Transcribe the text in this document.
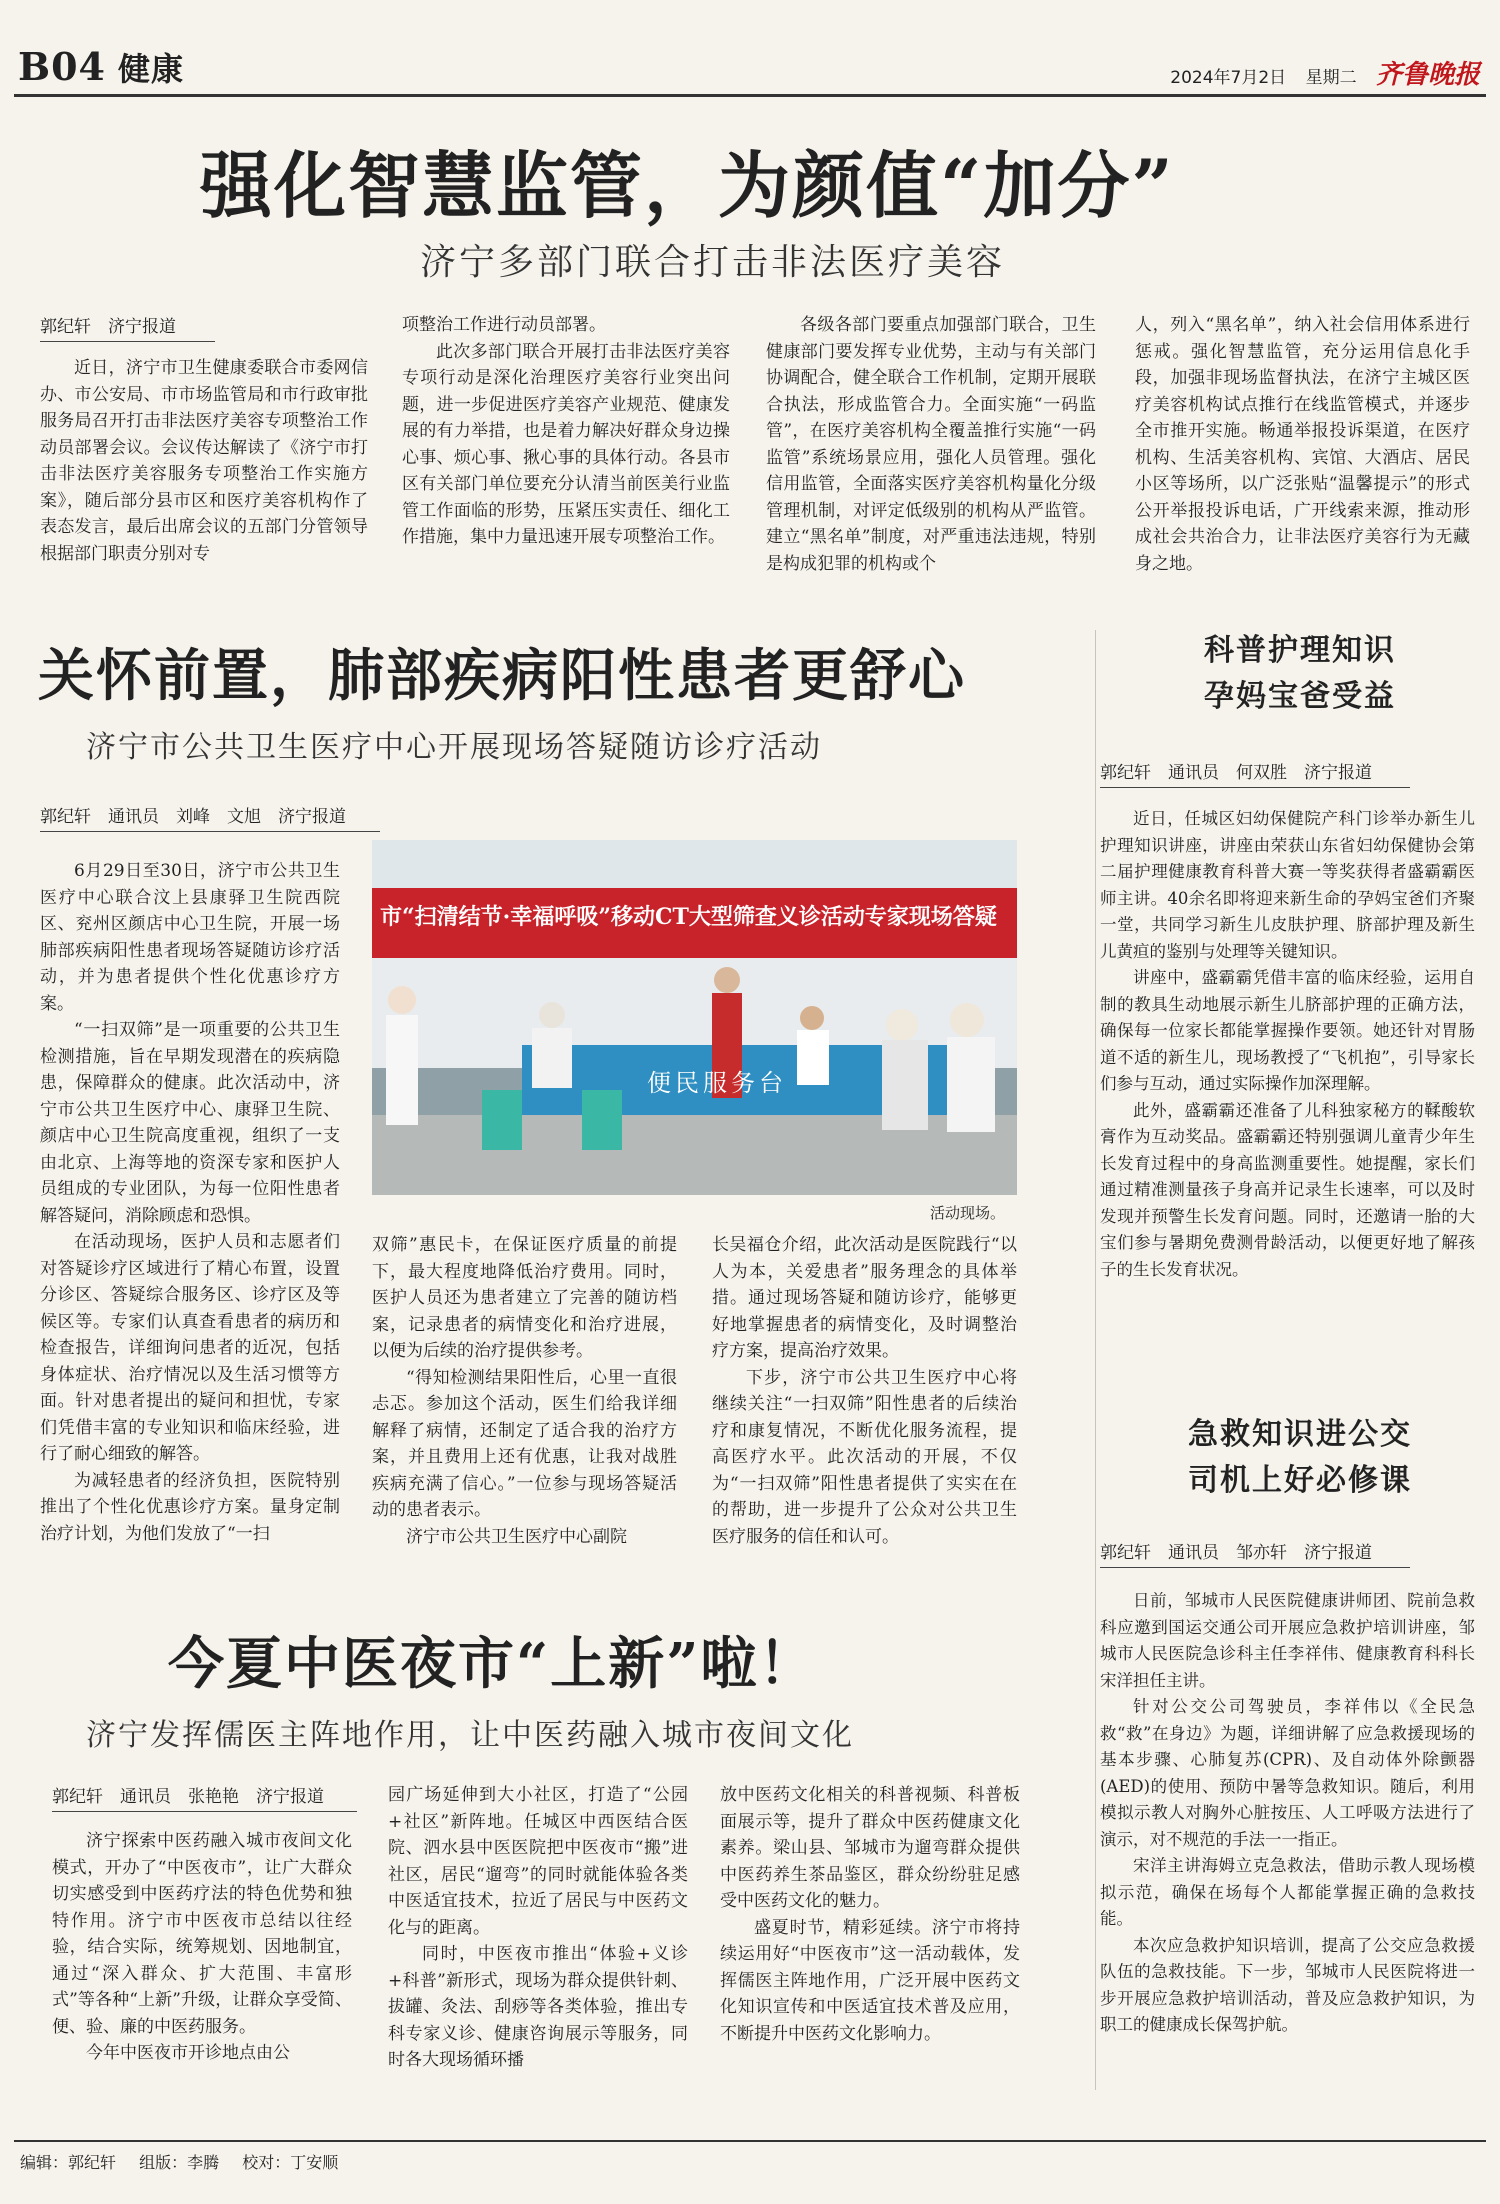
B04 健康	2024年7月2日 星期二 齐鲁晚报
强化智慧监管，为颜值“加分”
济宁多部门联合打击非法医疗美容
郭纪轩　济宁报道

近日，济宁市卫生健康委联合市委网信办、市公安局、市市场监管局和市行政审批服务局召开打击非法医疗美容专项整治工作动员部署会议。会议传达解读了《济宁市打击非法医疗美容服务专项整治工作实施方案》，随后部分县市区和医疗美容机构作了表态发言，最后出席会议的五部门分管领导根据部门职责分别对专

项整治工作进行动员部署。

此次多部门联合开展打击非法医疗美容专项行动是深化治理医疗美容行业突出问题，进一步促进医疗美容产业规范、健康发展的有力举措，也是着力解决好群众身边操心事、烦心事、揪心事的具体行动。各县市区有关部门单位要充分认清当前医美行业监管工作面临的形势，压紧压实责任、细化工作措施，集中力量迅速开展专项整治工作。

各级各部门要重点加强部门联合，卫生健康部门要发挥专业优势，主动与有关部门协调配合，健全联合工作机制，定期开展联合执法，形成监管合力。全面实施“一码监管”，在医疗美容机构全覆盖推行实施“一码监管”系统场景应用，强化人员管理。强化信用监管，全面落实医疗美容机构量化分级管理机制，对评定低级别的机构从严监管。建立“黑名单”制度，对严重违法违规，特别是构成犯罪的机构或个

人，列入“黑名单”，纳入社会信用体系进行惩戒。强化智慧监管，充分运用信息化手段，加强非现场监督执法，在济宁主城区医疗美容机构试点推行在线监管模式，并逐步全市推开实施。畅通举报投诉渠道，在医疗机构、生活美容机构、宾馆、大酒店、居民小区等场所，以广泛张贴“温馨提示”的形式公开举报投诉电话，广开线索来源，推动形成社会共治合力，让非法医疗美容行为无藏身之地。

关怀前置，肺部疾病阳性患者更舒心
济宁市公共卫生医疗中心开展现场答疑随访诊疗活动
郭纪轩　通讯员　刘峰　文旭　济宁报道

6月29日至30日，济宁市公共卫生医疗中心联合汶上县康驿卫生院西院区、兖州区颜店中心卫生院，开展一场肺部疾病阳性患者现场答疑随访诊疗活动，并为患者提供个性化优惠诊疗方案。

“一扫双筛”是一项重要的公共卫生检测措施，旨在早期发现潜在的疾病隐患，保障群众的健康。此次活动中，济宁市公共卫生医疗中心、康驿卫生院、颜店中心卫生院高度重视，组织了一支由北京、上海等地的资深专家和医护人员组成的专业团队，为每一位阳性患者解答疑问，消除顾虑和恐惧。

在活动现场，医护人员和志愿者们对答疑诊疗区域进行了精心布置，设置分诊区、答疑综合服务区、诊疗区及等候区等。专家们认真查看患者的病历和检查报告，详细询问患者的近况，包括身体症状、治疗情况以及生活习惯等方面。针对患者提出的疑问和担忧，专家们凭借丰富的专业知识和临床经验，进行了耐心细致的解答。

为减轻患者的经济负担，医院特别推出了个性化优惠诊疗方案。量身定制治疗计划，为他们发放了“一扫

市“扫清结节·幸福呼吸”移动CT大型筛查义诊活动专家现场答疑
便民服务台
活动现场。

双筛”惠民卡，在保证医疗质量的前提下，最大程度地降低治疗费用。同时，医护人员还为患者建立了完善的随访档案，记录患者的病情变化和治疗进展，以便为后续的治疗提供参考。

“得知检测结果阳性后，心里一直很忐忑。参加这个活动，医生们给我详细解释了病情，还制定了适合我的治疗方案，并且费用上还有优惠，让我对战胜疾病充满了信心。”一位参与现场答疑活动的患者表示。

济宁市公共卫生医疗中心副院

长吴福仓介绍，此次活动是医院践行“以人为本，关爱患者”服务理念的具体举措。通过现场答疑和随访诊疗，能够更好地掌握患者的病情变化，及时调整治疗方案，提高治疗效果。

下步，济宁市公共卫生医疗中心将继续关注“一扫双筛”阳性患者的后续治疗和康复情况，不断优化服务流程，提高医疗水平。此次活动的开展，不仅为“一扫双筛”阳性患者提供了实实在在的帮助，进一步提升了公众对公共卫生医疗服务的信任和认可。

今夏中医夜市“上新”啦！
济宁发挥儒医主阵地作用，让中医药融入城市夜间文化
郭纪轩　通讯员　张艳艳　济宁报道

济宁探索中医药融入城市夜间文化模式，开办了“中医夜市”，让广大群众切实感受到中医药疗法的特色优势和独特作用。济宁市中医夜市总结以往经验，结合实际，统筹规划、因地制宜，通过“深入群众、扩大范围、丰富形式”等各种“上新”升级，让群众享受简、便、验、廉的中医药服务。

今年中医夜市开诊地点由公

园广场延伸到大小社区，打造了“公园+社区”新阵地。任城区中西医结合医院、泗水县中医医院把中医夜市“搬”进社区，居民“遛弯”的同时就能体验各类中医适宜技术，拉近了居民与中医药文化与的距离。

同时，中医夜市推出“体验+义诊+科普”新形式，现场为群众提供针刺、拔罐、灸法、刮痧等各类体验，推出专科专家义诊、健康咨询展示等服务，同时各大现场循环播

放中医药文化相关的科普视频、科普板面展示等，提升了群众中医药健康文化素养。梁山县、邹城市为遛弯群众提供中医药养生茶品鉴区，群众纷纷驻足感受中医药文化的魅力。

盛夏时节，精彩延续。济宁市将持续运用好“中医夜市”这一活动载体，发挥儒医主阵地作用，广泛开展中医药文化知识宣传和中医适宜技术普及应用，不断提升中医药文化影响力。

科普护理知识
孕妈宝爸受益
郭纪轩　通讯员　何双胜　济宁报道

近日，任城区妇幼保健院产科门诊举办新生儿护理知识讲座，讲座由荣获山东省妇幼保健协会第二届护理健康教育科普大赛一等奖获得者盛霸霸医师主讲。40余名即将迎来新生命的孕妈宝爸们齐聚一堂，共同学习新生儿皮肤护理、脐部护理及新生儿黄疸的鉴别与处理等关键知识。

讲座中，盛霸霸凭借丰富的临床经验，运用自制的教具生动地展示新生儿脐部护理的正确方法，确保每一位家长都能掌握操作要领。她还针对胃肠道不适的新生儿，现场教授了“飞机抱”，引导家长们参与互动，通过实际操作加深理解。

此外，盛霸霸还准备了儿科独家秘方的鞣酸软膏作为互动奖品。盛霸霸还特别强调儿童青少年生长发育过程中的身高监测重要性。她提醒，家长们通过精准测量孩子身高并记录生长速率，可以及时发现并预警生长发育问题。同时，还邀请一胎的大宝们参与暑期免费测骨龄活动，以便更好地了解孩子的生长发育状况。

急救知识进公交
司机上好必修课
郭纪轩　通讯员　邹亦轩　济宁报道

日前，邹城市人民医院健康讲师团、院前急救科应邀到国运交通公司开展应急救护培训讲座，邹城市人民医院急诊科主任李祥伟、健康教育科科长宋洋担任主讲。

针对公交公司驾驶员，李祥伟以《全民急救“救”在身边》为题，详细讲解了应急救援现场的基本步骤、心肺复苏(CPR)、及自动体外除颤器(AED)的使用、预防中暑等急救知识。随后，利用模拟示教人对胸外心脏按压、人工呼吸方法进行了演示，对不规范的手法一一指正。

宋洋主讲海姆立克急救法，借助示教人现场模拟示范，确保在场每个人都能掌握正确的急救技能。

本次应急救护知识培训，提高了公交应急救援队伍的急救技能。下一步，邹城市人民医院将进一步开展应急救护培训活动，普及应急救护知识，为职工的健康成长保驾护航。

编辑：郭纪轩 组版：李腾 校对：丁安顺
